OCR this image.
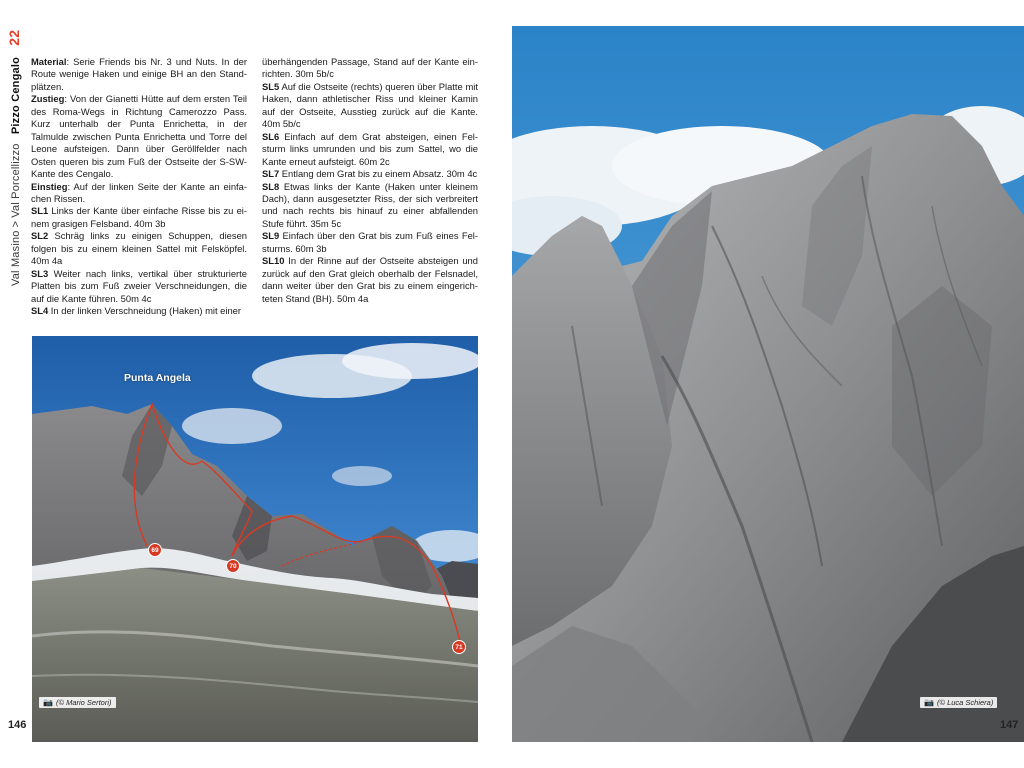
Val Masino>Val Porcellizzo Pizzo Cengalo 22

Material: Serie Friends bis Nr. 3 und Nuts. In der Route wenige Haken und einige BH an den Standplätzen.

Zustieg: Von der Gianetti Hütte auf dem ersten Teil des Roma-Wegs in Richtung Camerozzo Pass. Kurz unterhalb der Punta Enrichetta, in der Talmulde zwischen Punta Enrichetta und Torre del Leone aufsteigen. Dann über Geröllfelder nach Osten queren bis zum Fuß der Ostseite der S-SW-Kante des Cengalo.

Einstieg: Auf der linken Seite der Kante an einfachen Rissen.

SL1 Links der Kante über einfache Risse bis zu einem grasigen Felsband. 40m 3b

SL2 Schräg links zu einigen Schuppen, diesen folgen bis zu einem kleinen Sattel mit Felsköpfel. 40m 4a

SL3 Weiter nach links, vertikal über strukturierte Platten bis zum Fuß zweier Verschneidungen, die auf die Kante führen. 50m 4c

SL4 In der linken Verschneidung (Haken) mit einer

überhängenden Passage, Stand auf der Kante einrichten. 30m 5b/c

SL5 Auf die Ostseite (rechts) queren über Platte mit Haken, dann athletischer Riss und kleiner Kamin auf der Ostseite, Ausstieg zurück auf die Kante. 40m 5b/c

SL6 Einfach auf dem Grat absteigen, einen Felsturm links umrunden und bis zum Sattel, wo die Kante erneut aufsteigt. 60m 2c

SL7 Entlang dem Grat bis zu einem Absatz. 30m 4c

SL8 Etwas links der Kante (Haken unter kleinem Dach), dann ausgesetzter Riss, der sich verbreitert und nach rechts bis hinauf zu einer abfallenden Stufe führt. 35m 5c

SL9 Einfach über den Grat bis zum Fuß eines Felsturms. 60m 3b

SL10 In der Rinne auf der Ostseite absteigen und zurück auf den Grat gleich oberhalb der Felsnadel, dann weiter über den Grat bis zu einem eingerichteten Stand (BH). 50m 4a

Punta Angela
69
70
71
📷 (© Mario Sertori)
146
📷 (© Luca Schiera)
147
